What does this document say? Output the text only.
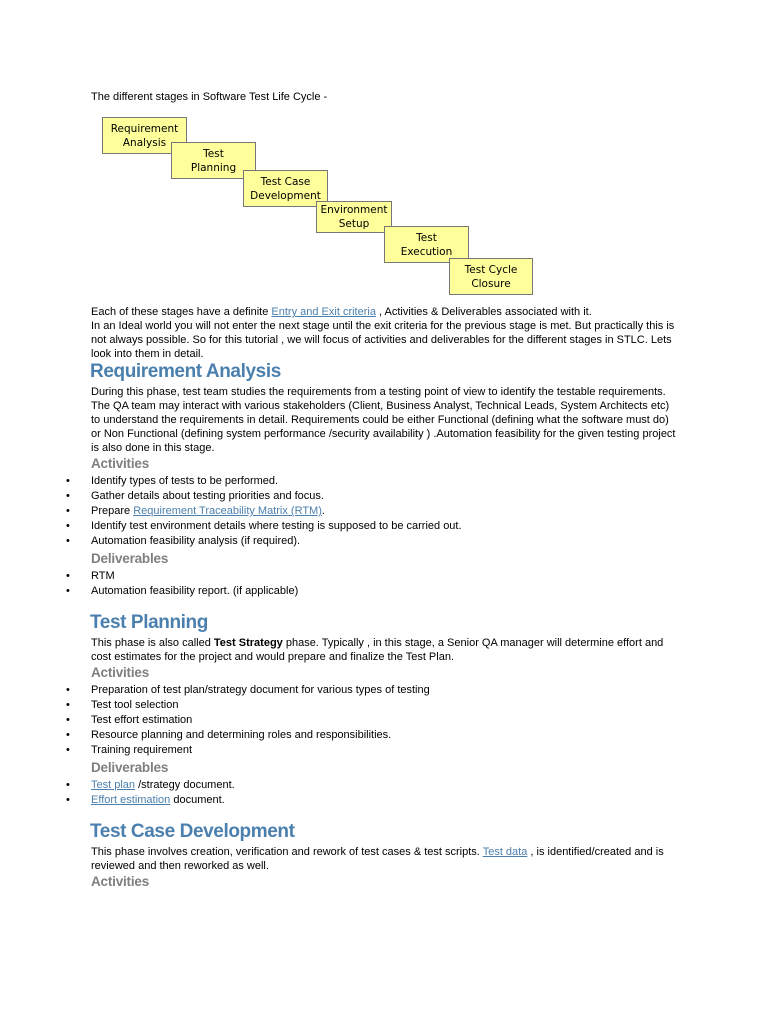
The different stages in Software Test Life Cycle -
Requirement
Analysis
Test
Planning
Test Case
Development
Environment
Setup
Test
Execution
Test Cycle
Closure
Each of these stages have a definite Entry and Exit criteria , Activities & Deliverables associated with it.
In an Ideal world you will not enter the next stage until the exit criteria for the previous stage is met. But practically this is not always possible. So for this tutorial , we will focus of activities and deliverables for the different stages in STLC. Lets look into them in detail.
Requirement Analysis
During this phase, test team studies the requirements from a testing point of view to identify the testable requirements. The QA team may interact with various stakeholders (Client, Business Analyst, Technical Leads, System Architects etc) to understand the requirements in detail. Requirements could be either Functional (defining what the software must do) or Non Functional (defining system performance /security availability ) .Automation feasibility for the given testing project is also done in this stage.
Activities
• Identify types of tests to be performed.
• Gather details about testing priorities and focus.
• Prepare Requirement Traceability Matrix (RTM).
• Identify test environment details where testing is supposed to be carried out.
• Automation feasibility analysis (if required).
Deliverables
• RTM
• Automation feasibility report. (if applicable)
Test Planning
This phase is also called Test Strategy phase. Typically , in this stage, a Senior QA manager will determine effort and cost estimates for the project and would prepare and finalize the Test Plan.
Activities
• Preparation of test plan/strategy document for various types of testing
• Test tool selection
• Test effort estimation
• Resource planning and determining roles and responsibilities.
• Training requirement
Deliverables
• Test plan /strategy document.
• Effort estimation document.
Test Case Development
This phase involves creation, verification and rework of test cases & test scripts. Test data , is identified/created and is reviewed and then reworked as well.
Activities
